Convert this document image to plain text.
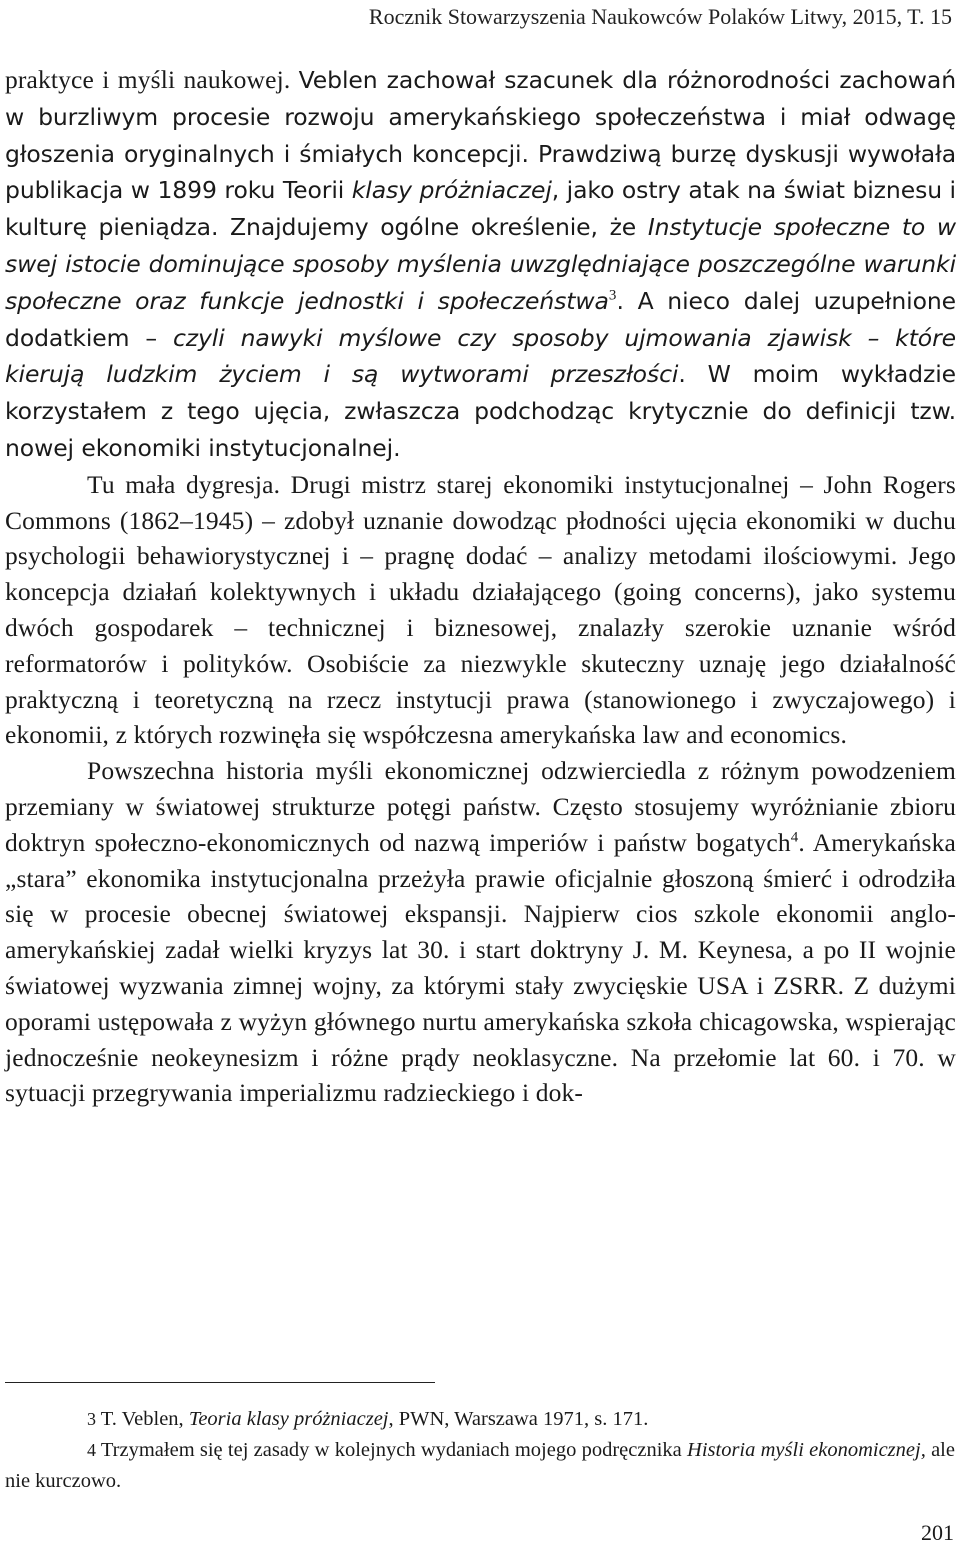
Rocznik Stowarzyszenia Naukowców Polaków Litwy, 2015, T. 15

praktyce i myśli naukowej. Veblen zachował szacunek dla różnorodności zachowań w burzliwym procesie rozwoju amerykańskiego społeczeństwa i miał odwagę głoszenia oryginalnych i śmiałych koncepcji. Prawdziwą burzę dyskusji wywołała publikacja w 1899 roku Teorii klasy próżniaczej, jako ostry atak na świat biznesu i kulturę pieniądza. Znajdujemy ogólne określenie, że Instytucje społeczne to w swej istocie dominujące sposoby myślenia uwzględniające poszczególne warunki społeczne oraz funkcje jednostki i społeczeństwa$^3$. A nieco dalej uzupełnione dodatkiem – czyli nawyki myślowe czy sposoby ujmowania zjawisk – które kierują ludzkim życiem i są wytworami przeszłości. W moim wykładzie korzystałem z tego ujęcia, zwłaszcza podchodząc krytycznie do definicji tzw. nowej ekonomiki instytucjonalnej.

Tu mała dygresja. Drugi mistrz starej ekonomiki instytucjonalnej – John Rogers Commons (1862–1945) – zdobył uznanie dowodząc płodności ujęcia ekonomiki w duchu psychologii behawiorystycznej i – pragnę dodać – analizy metodami ilościowymi. Jego koncepcja działań kolektywnych i układu działającego (going concerns), jako systemu dwóch gospodarek – technicznej i biznesowej, znalazły szerokie uznanie wśród reformatorów i polityków. Osobiście za niezwykle skuteczny uznaję jego działalność praktyczną i teoretyczną na rzecz instytucji prawa (stanowionego i zwyczajowego) i ekonomii, z których rozwinęła się współczesna amerykańska law and economics.

Powszechna historia myśli ekonomicznej odzwierciedla z różnym powodzeniem przemiany w światowej strukturze potęgi państw. Często stosujemy wyróżnianie zbioru doktryn społeczno-ekonomicznych od nazwą imperiów i państw bogatych$^4$. Amerykańska „stara” ekonomika instytucjonalna przeżyła prawie oficjalnie głoszoną śmierć i odrodziła się w procesie obecnej światowej ekspansji. Najpierw cios szkole ekonomii anglo-amerykańskiej zadał wielki kryzys lat 30. i start doktryny J. M. Keynesa, a po II wojnie światowej wyzwania zimnej wojny, za którymi stały zwycięskie USA i ZSRR. Z dużymi oporami ustępowała z wyżyn głównego nurtu amerykańska szkoła chicagowska, wspierając jednocześnie neokeynesizm i różne prądy neoklasyczne. Na przełomie lat 60. i 70. w sytuacji przegrywania imperializmu radzieckiego i dok-

3 T. Veblen, Teoria klasy próżniaczej, PWN, Warszawa 1971, s. 171.

4 Trzymałem się tej zasady w kolejnych wydaniach mojego podręcznika Historia myśli ekonomicznej, ale nie kurczowo.

201
